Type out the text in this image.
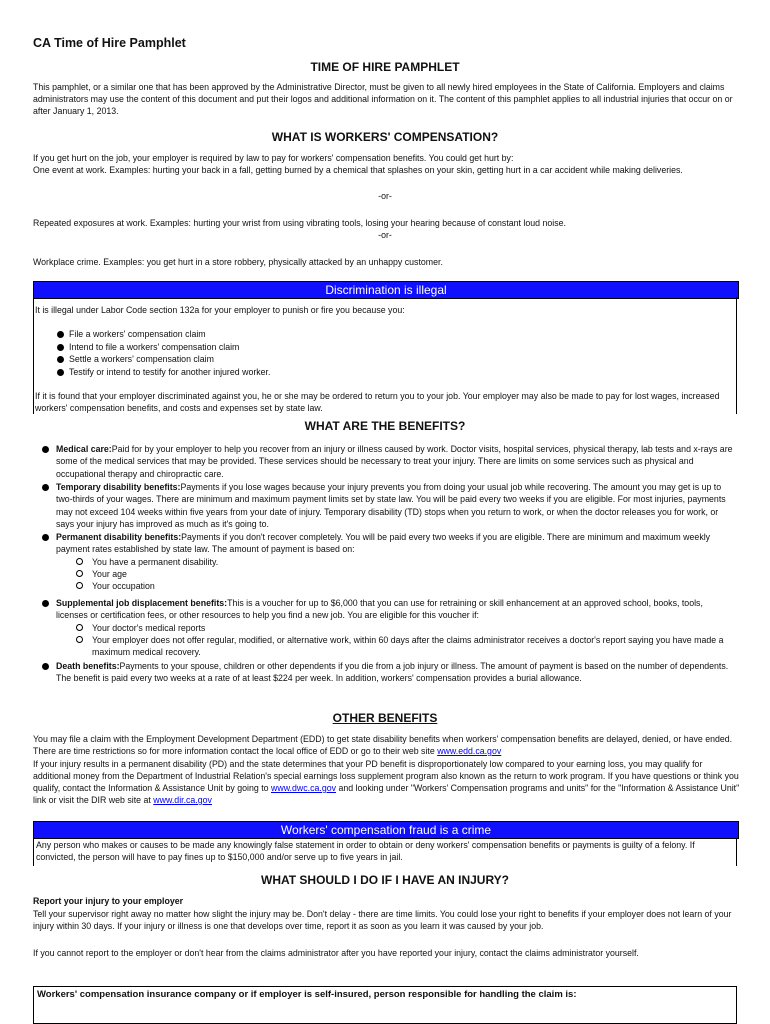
CA Time of Hire Pamphlet
TIME OF HIRE PAMPHLET
This pamphlet, or a similar one that has been approved by the Administrative Director, must be given to all newly hired employees in the State of California. Employers and claims administrators may use the content of this document and put their logos and additional information on it. The content of this pamphlet applies to all industrial injuries that occur on or after January 1, 2013.
WHAT IS WORKERS' COMPENSATION?
If you get hurt on the job, your employer is required by law to pay for workers' compensation benefits. You could get hurt by:
One event at work. Examples: hurting your back in a fall, getting burned by a chemical that splashes on your skin, getting hurt in a car accident while making deliveries.
-or-
Repeated exposures at work. Examples: hurting your wrist from using vibrating tools, losing your hearing because of constant loud noise.
-or-
Workplace crime. Examples: you get hurt in a store robbery, physically attacked by an unhappy customer.
Discrimination is illegal
It is illegal under Labor Code section 132a for your employer to punish or fire you because you:
File a workers' compensation claim
Intend to file a workers' compensation claim
Settle a workers' compensation claim
Testify or intend to testify for another injured worker.
If it is found that your employer discriminated against you, he or she may be ordered to return you to your job. Your employer may also be made to pay for lost wages, increased workers' compensation benefits, and costs and expenses set by state law.
WHAT ARE THE BENEFITS?
Medical care:Paid for by your employer to help you recover from an injury or illness caused by work. Doctor visits, hospital services, physical therapy, lab tests and x-rays are some of the medical services that may be provided. These services should be necessary to treat your injury. There are limits on some services such as physical and occupational therapy and chiropractic care.
Temporary disability benefits:Payments if you lose wages because your injury prevents you from doing your usual job while recovering. The amount you may get is up to two-thirds of your wages. There are minimum and maximum payment limits set by state law. You will be paid every two weeks if you are eligible. For most injuries, payments may not exceed 104 weeks within five years from your date of injury. Temporary disability (TD) stops when you return to work, or when the doctor releases you for work, or says your injury has improved as much as it's going to.
Permanent disability benefits:Payments if you don't recover completely. You will be paid every two weeks if you are eligible. There are minimum and maximum weekly payment rates established by state law. The amount of payment is based on:
You have a permanent disability.
Your age
Your occupation
Supplemental job displacement benefits:This is a voucher for up to $6,000 that you can use for retraining or skill enhancement at an approved school, books, tools, licenses or certification fees, or other resources to help you find a new job. You are eligible for this voucher if:
Your doctor's medical reports
Your employer does not offer regular, modified, or alternative work, within 60 days after the claims administrator receives a doctor's report saying you have made a maximum medical recovery.
Death benefits:Payments to your spouse, children or other dependents if you die from a job injury or illness. The amount of payment is based on the number of dependents. The benefit is paid every two weeks at a rate of at least $224 per week. In addition, workers' compensation provides a burial allowance.
OTHER BENEFITS
You may file a claim with the Employment Development Department (EDD) to get state disability benefits when workers' compensation benefits are delayed, denied, or have ended. There are time restrictions so for more information contact the local office of EDD or go to their web site www.edd.ca.gov
If your injury results in a permanent disability (PD) and the state determines that your PD benefit is disproportionately low compared to your earning loss, you may qualify for additional money from the Department of Industrial Relation's special earnings loss supplement program also known as the return to work program. If you have questions or think you qualify, contact the Information & Assistance Unit by going to www.dwc.ca.gov and looking under "Workers' Compensation programs and units" for the "Information & Assistance Unit" link or visit the DIR web site at www.dir.ca.gov
Workers' compensation fraud is a crime
Any person who makes or causes to be made any knowingly false statement in order to obtain or deny workers' compensation benefits or payments is guilty of a felony. If convicted, the person will have to pay fines up to $150,000 and/or serve up to five years in jail.
WHAT SHOULD I DO IF I HAVE AN INJURY?
Report your injury to your employer
Tell your supervisor right away no matter how slight the injury may be. Don't delay - there are time limits. You could lose your right to benefits if your employer does not learn of your injury within 30 days. If your injury or illness is one that develops over time, report it as soon as you learn it was caused by your job.
If you cannot report to the employer or don't hear from the claims administrator after you have reported your injury, contact the claims administrator yourself.
Workers' compensation insurance company or if employer is self-insured, person responsible for handling the claim is:
